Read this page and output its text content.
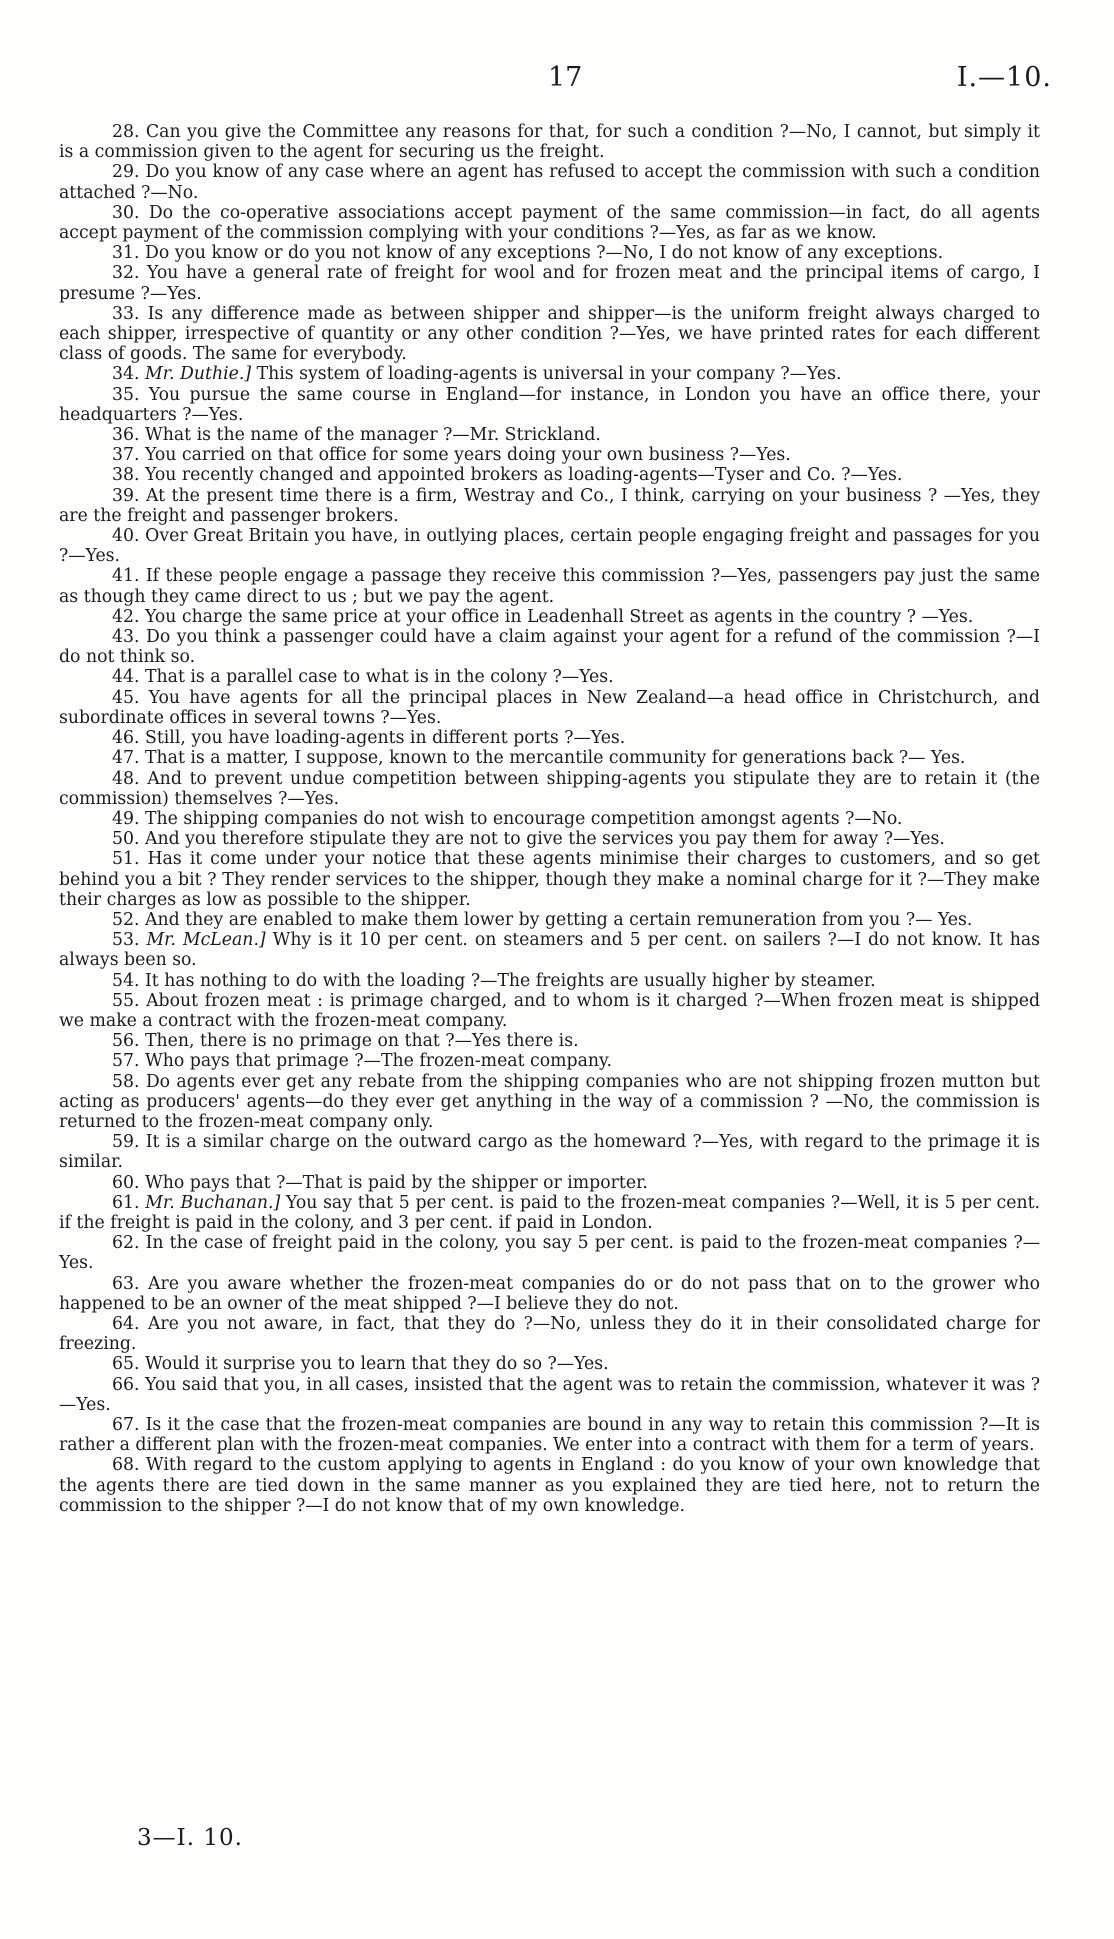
17	I.—10.

28. Can you give the Committee any reasons for that, for such a condition ?—No, I cannot, but simply it is a commission given to the agent for securing us the freight.

29. Do you know of any case where an agent has refused to accept the commission with such a condition attached ?—No.

30. Do the co-operative associations accept payment of the same commission—in fact, do all agents accept payment of the commission complying with your conditions ?—Yes, as far as we know.

31. Do you know or do you not know of any exceptions ?—No, I do not know of any exceptions.

32. You have a general rate of freight for wool and for frozen meat and the principal items of cargo, I presume ?—Yes.

33. Is any difference made as between shipper and shipper—is the uniform freight always charged to each shipper, irrespective of quantity or any other condition ?—Yes, we have printed rates for each different class of goods. The same for everybody.

34. Mr. Duthie.] This system of loading-agents is universal in your company ?—Yes.

35. You pursue the same course in England—for instance, in London you have an office there, your headquarters ?—Yes.

36. What is the name of the manager ?—Mr. Strickland.

37. You carried on that office for some years doing your own business ?—Yes.

38. You recently changed and appointed brokers as loading-agents—Tyser and Co. ?—Yes.

39. At the present time there is a firm, Westray and Co., I think, carrying on your business ? —Yes, they are the freight and passenger brokers.

40. Over Great Britain you have, in outlying places, certain people engaging freight and passages for you ?—Yes.

41. If these people engage a passage they receive this commission ?—Yes, passengers pay just the same as though they came direct to us ; but we pay the agent.

42. You charge the same price at your office in Leadenhall Street as agents in the country ? —Yes.

43. Do you think a passenger could have a claim against your agent for a refund of the commission ?—I do not think so.

44. That is a parallel case to what is in the colony ?—Yes.

45. You have agents for all the principal places in New Zealand—a head office in Christchurch, and subordinate offices in several towns ?—Yes.

46. Still, you have loading-agents in different ports ?—Yes.

47. That is a matter, I suppose, known to the mercantile community for generations back ?— Yes.

48. And to prevent undue competition between shipping-agents you stipulate they are to retain it (the commission) themselves ?—Yes.

49. The shipping companies do not wish to encourage competition amongst agents ?—No.

50. And you therefore stipulate they are not to give the services you pay them for away ?—Yes.

51. Has it come under your notice that these agents minimise their charges to customers, and so get behind you a bit ? They render services to the shipper, though they make a nominal charge for it ?—They make their charges as low as possible to the shipper.

52. And they are enabled to make them lower by getting a certain remuneration from you ?— Yes.

53. Mr. McLean.] Why is it 10 per cent. on steamers and 5 per cent. on sailers ?—I do not know. It has always been so.

54. It has nothing to do with the loading ?—The freights are usually higher by steamer.

55. About frozen meat : is primage charged, and to whom is it charged ?—When frozen meat is shipped we make a contract with the frozen-meat company.

56. Then, there is no primage on that ?—Yes there is.

57. Who pays that primage ?—The frozen-meat company.

58. Do agents ever get any rebate from the shipping companies who are not shipping frozen mutton but acting as producers' agents—do they ever get anything in the way of a commission ? —No, the commission is returned to the frozen-meat company only.

59. It is a similar charge on the outward cargo as the homeward ?—Yes, with regard to the primage it is similar.

60. Who pays that ?—That is paid by the shipper or importer.

61. Mr. Buchanan.] You say that 5 per cent. is paid to the frozen-meat companies ?—Well, it is 5 per cent. if the freight is paid in the colony, and 3 per cent. if paid in London.

62. In the case of freight paid in the colony, you say 5 per cent. is paid to the frozen-meat companies ?—Yes.

63. Are you aware whether the frozen-meat companies do or do not pass that on to the grower who happened to be an owner of the meat shipped ?—I believe they do not.

64. Are you not aware, in fact, that they do ?—No, unless they do it in their consolidated charge for freezing.

65. Would it surprise you to learn that they do so ?—Yes.

66. You said that you, in all cases, insisted that the agent was to retain the commission, whatever it was ?—Yes.

67. Is it the case that the frozen-meat companies are bound in any way to retain this commission ?—It is rather a different plan with the frozen-meat companies. We enter into a contract with them for a term of years.

68. With regard to the custom applying to agents in England : do you know of your own knowledge that the agents there are tied down in the same manner as you explained they are tied here, not to return the commission to the shipper ?—I do not know that of my own knowledge.

3—I. 10.
